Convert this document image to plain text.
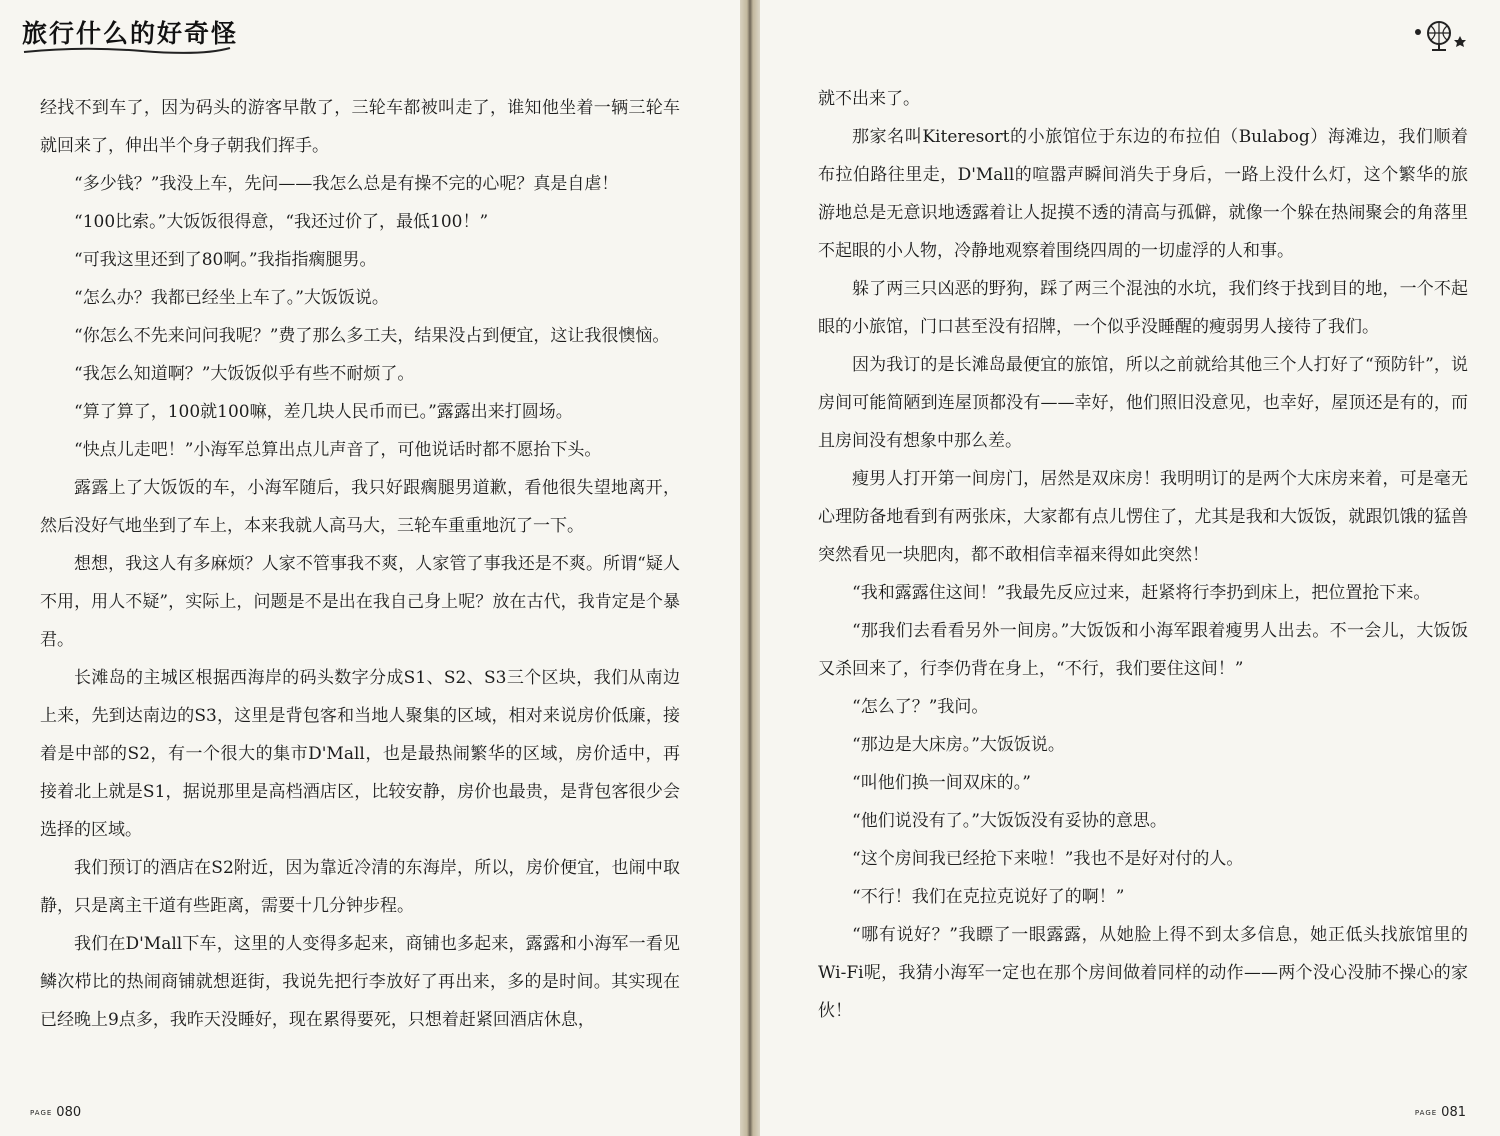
旅行什么的好奇怪

经找不到车了，因为码头的游客早散了，三轮车都被叫走了，谁知他坐着一辆三轮车就回来了，伸出半个身子朝我们挥手。

“多少钱？”我没上车，先问——我怎么总是有操不完的心呢？真是自虐！

“100比索。”大饭饭很得意，“我还过价了，最低100！”

“可我这里还到了80啊。”我指指瘸腿男。

“怎么办？我都已经坐上车了。”大饭饭说。

“你怎么不先来问问我呢？”费了那么多工夫，结果没占到便宜，这让我很懊恼。

“我怎么知道啊？”大饭饭似乎有些不耐烦了。

“算了算了，100就100嘛，差几块人民币而已。”露露出来打圆场。

“快点儿走吧！”小海军总算出点儿声音了，可他说话时都不愿抬下头。

露露上了大饭饭的车，小海军随后，我只好跟瘸腿男道歉，看他很失望地离开，然后没好气地坐到了车上，本来我就人高马大，三轮车重重地沉了一下。

想想，我这人有多麻烦？人家不管事我不爽，人家管了事我还是不爽。所谓“疑人不用，用人不疑”，实际上，问题是不是出在我自己身上呢？放在古代，我肯定是个暴君。

长滩岛的主城区根据西海岸的码头数字分成S1、S2、S3三个区块，我们从南边上来，先到达南边的S3，这里是背包客和当地人聚集的区域，相对来说房价低廉，接着是中部的S2，有一个很大的集市D'Mall，也是最热闹繁华的区域，房价适中，再接着北上就是S1，据说那里是高档酒店区，比较安静，房价也最贵，是背包客很少会选择的区域。

我们预订的酒店在S2附近，因为靠近冷清的东海岸，所以，房价便宜，也闹中取静，只是离主干道有些距离，需要十几分钟步程。

我们在D'Mall下车，这里的人变得多起来，商铺也多起来，露露和小海军一看见鳞次栉比的热闹商铺就想逛街，我说先把行李放好了再出来，多的是时间。其实现在已经晚上9点多，我昨天没睡好，现在累得要死，只想着赶紧回酒店休息，

PAGE 080

就不出来了。

那家名叫Kiteresort的小旅馆位于东边的布拉伯（Bulabog）海滩边，我们顺着布拉伯路往里走，D'Mall的喧嚣声瞬间消失于身后，一路上没什么灯，这个繁华的旅游地总是无意识地透露着让人捉摸不透的清高与孤僻，就像一个躲在热闹聚会的角落里不起眼的小人物，冷静地观察着围绕四周的一切虚浮的人和事。

躲了两三只凶恶的野狗，踩了两三个混浊的水坑，我们终于找到目的地，一个不起眼的小旅馆，门口甚至没有招牌，一个似乎没睡醒的瘦弱男人接待了我们。

因为我订的是长滩岛最便宜的旅馆，所以之前就给其他三个人打好了“预防针”，说房间可能简陋到连屋顶都没有——幸好，他们照旧没意见，也幸好，屋顶还是有的，而且房间没有想象中那么差。

瘦男人打开第一间房门，居然是双床房！我明明订的是两个大床房来着，可是毫无心理防备地看到有两张床，大家都有点儿愣住了，尤其是我和大饭饭，就跟饥饿的猛兽突然看见一块肥肉，都不敢相信幸福来得如此突然！

“我和露露住这间！”我最先反应过来，赶紧将行李扔到床上，把位置抢下来。

“那我们去看看另外一间房。”大饭饭和小海军跟着瘦男人出去。不一会儿，大饭饭又杀回来了，行李仍背在身上，“不行，我们要住这间！”

“怎么了？”我问。

“那边是大床房。”大饭饭说。

“叫他们换一间双床的。”

“他们说没有了。”大饭饭没有妥协的意思。

“这个房间我已经抢下来啦！”我也不是好对付的人。

“不行！我们在克拉克说好了的啊！”

“哪有说好？”我瞟了一眼露露，从她脸上得不到太多信息，她正低头找旅馆里的Wi-Fi呢，我猜小海军一定也在那个房间做着同样的动作——两个没心没肺不操心的家伙！

PAGE 081
